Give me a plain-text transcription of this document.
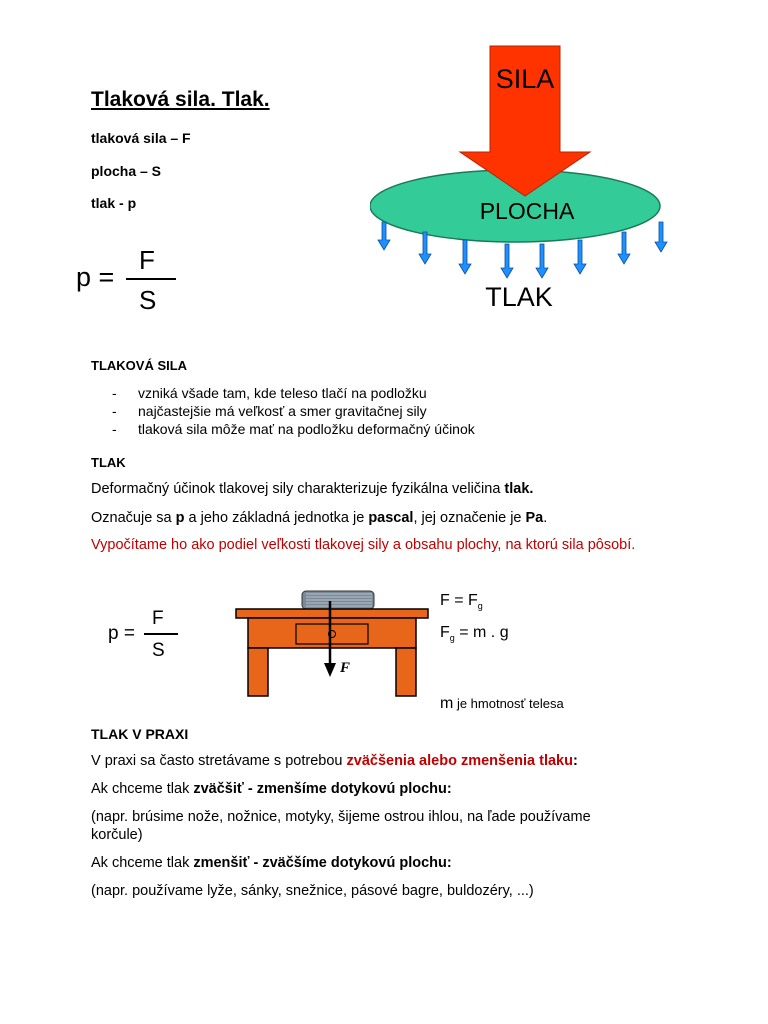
Tlaková sila. Tlak.
tlaková sila – F
plocha – S
tlak - p
p =
F
S
SILA
PLOCHA
TLAK
TLAKOVÁ SILA
- vzniká všade tam, kde teleso tlačí na podložku
- najčastejšie má veľkosť a smer gravitačnej sily
- tlaková sila môže mať na podložku deformačný účinok
TLAK
Deformačný účinok tlakovej sily charakterizuje fyzikálna veličina tlak.
Označuje sa p a jeho základná jednotka je pascal, jej označenie je Pa.
Vypočítame ho ako podiel veľkosti tlakovej sily a obsahu plochy, na ktorú sila pôsobí.
p =
F
S
F
$F = F_g$
$F_g = m$ . g
m je hmotnosť telesa
TLAK V PRAXI
V praxi sa často stretávame s potrebou zväčšenia alebo zmenšenia tlaku:
Ak chceme tlak zväčšiť - zmenšíme dotykovú plochu:
(napr. brúsime nože, nožnice, motyky, šijeme ostrou ihlou, na ľade používame
korčule)
Ak chceme tlak zmenšiť - zväčšíme dotykovú plochu:
(napr. používame lyže, sánky, snežnice, pásové bagre, buldozéry, ...)
